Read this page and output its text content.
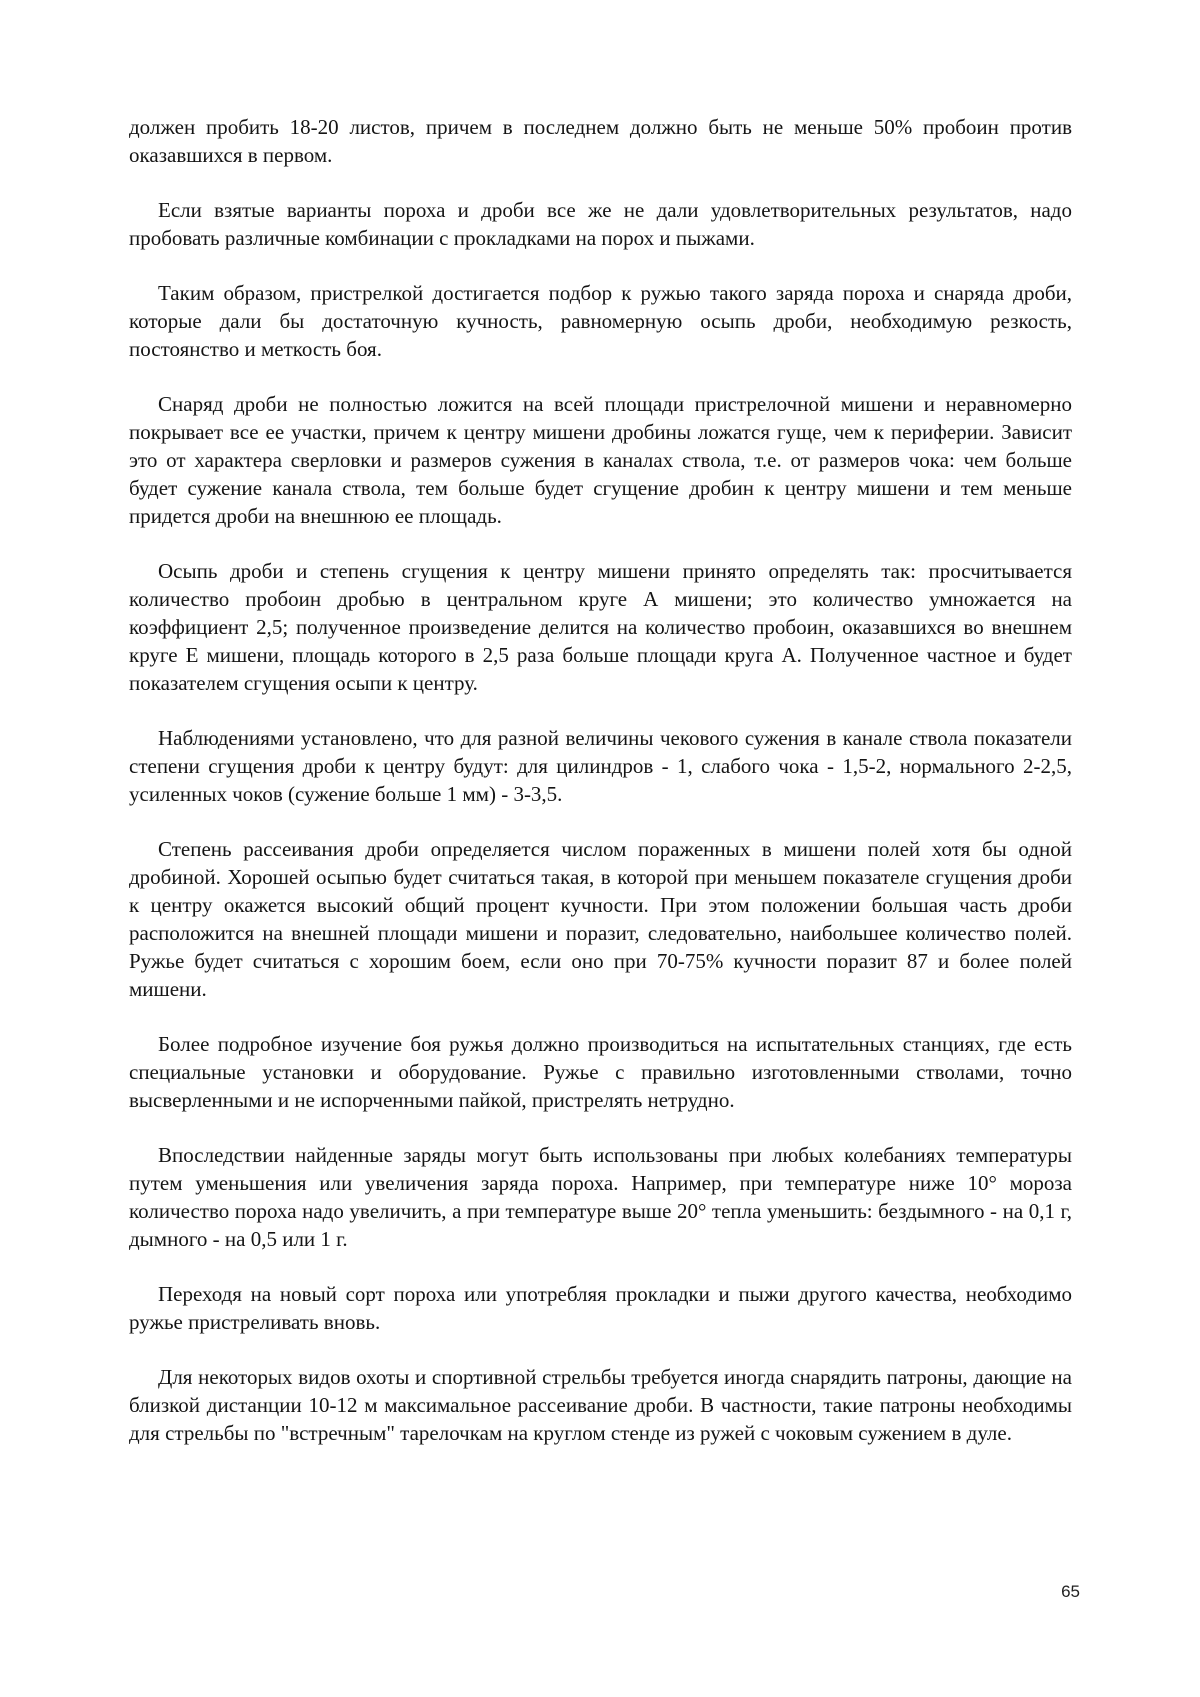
должен пробить 18-20 листов, причем в последнем должно быть не меньше 50% пробоин против оказавшихся в первом.

Если взятые варианты пороха и дроби все же не дали удовлетворительных результатов, надо пробовать различные комбинации с прокладками на порох и пыжами.

Таким образом, пристрелкой достигается подбор к ружью такого заряда пороха и снаряда дроби, которые дали бы достаточную кучность, равномерную осыпь дроби, необходимую резкость, постоянство и меткость боя.

Снаряд дроби не полностью ложится на всей площади пристрелочной мишени и неравномерно покрывает все ее участки, причем к центру мишени дробины ложатся гуще, чем к периферии. Зависит это от характера сверловки и размеров сужения в каналах ствола, т.е. от размеров чока: чем больше будет сужение канала ствола, тем больше будет сгущение дробин к центру мишени и тем меньше придется дроби на внешнюю ее площадь.

Осыпь дроби и степень сгущения к центру мишени принято определять так: просчитывается количество пробоин дробью в центральном круге А мишени; это количество умножается на коэффициент 2,5; полученное произведение делится на количество пробоин, оказавшихся во внешнем круге Е мишени, площадь которого в 2,5 раза больше площади круга А. Полученное частное и будет показателем сгущения осыпи к центру.

Наблюдениями установлено, что для разной величины чекового сужения в канале ствола показатели степени сгущения дроби к центру будут: для цилиндров - 1, слабого чока - 1,5-2, нормального 2-2,5, усиленных чоков (сужение больше 1 мм) - 3-3,5.

Степень рассеивания дроби определяется числом пораженных в мишени полей хотя бы одной дробиной. Хорошей осыпью будет считаться такая, в которой при меньшем показателе сгущения дроби к центру окажется высокий общий процент кучности. При этом положении большая часть дроби расположится на внешней площади мишени и поразит, следовательно, наибольшее количество полей. Ружье будет считаться с хорошим боем, если оно при 70-75% кучности поразит 87 и более полей мишени.

Более подробное изучение боя ружья должно производиться на испытательных станциях, где есть специальные установки и оборудование. Ружье с правильно изготовленными стволами, точно высверленными и не испорченными пайкой, пристрелять нетрудно.

Впоследствии найденные заряды могут быть использованы при любых колебаниях температуры путем уменьшения или увеличения заряда пороха. Например, при температуре ниже 10° мороза количество пороха надо увеличить, а при температуре выше 20° тепла уменьшить: бездымного - на 0,1 г, дымного - на 0,5 или 1 г.

Переходя на новый сорт пороха или употребляя прокладки и пыжи другого качества, необходимо ружье пристреливать вновь.

Для некоторых видов охоты и спортивной стрельбы требуется иногда снарядить патроны, дающие на близкой дистанции 10-12 м максимальное рассеивание дроби. В частности, такие патроны необходимы для стрельбы по "встречным" тарелочкам на круглом стенде из ружей с чоковым сужением в дуле.

65
